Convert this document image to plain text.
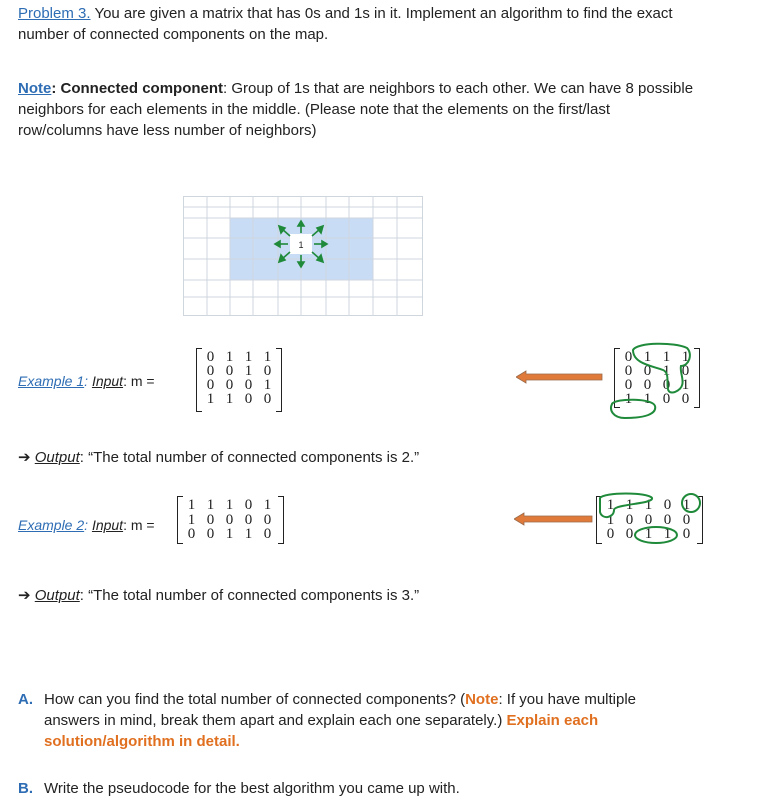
Problem 3. You are given a matrix that has 0s and 1s in it. Implement an algorithm to find the exact
number of connected components on the map.
Note: Connected component: Group of 1s that are neighbors to each other. We can have 8 possible
neighbors for each elements in the middle. (Please note that the elements on the first/last
row/columns have less number of neighbors)
1
Example 1: Input: m =
0 1 1 1
0 0 1 0
0 0 0 1
1 1 0 0
0 1 1 1
0 0 1 0
0 0 0 1
1 1 0 0
➔ Output: “The total number of connected components is 2.”
Example 2: Input: m =
1 1 1 0 1
1 0 0 0 0
0 0 1 1 0
1 1 1 0 1
1 0 0 0 0
0 0 1 1 0
➔ Output: “The total number of connected components is 3.”
A. How can you find the total number of connected components? (Note: If you have multiple
answers in mind, break them apart and explain each one separately.) Explain each
solution/algorithm in detail.
B. Write the pseudocode for the best algorithm you came up with.
